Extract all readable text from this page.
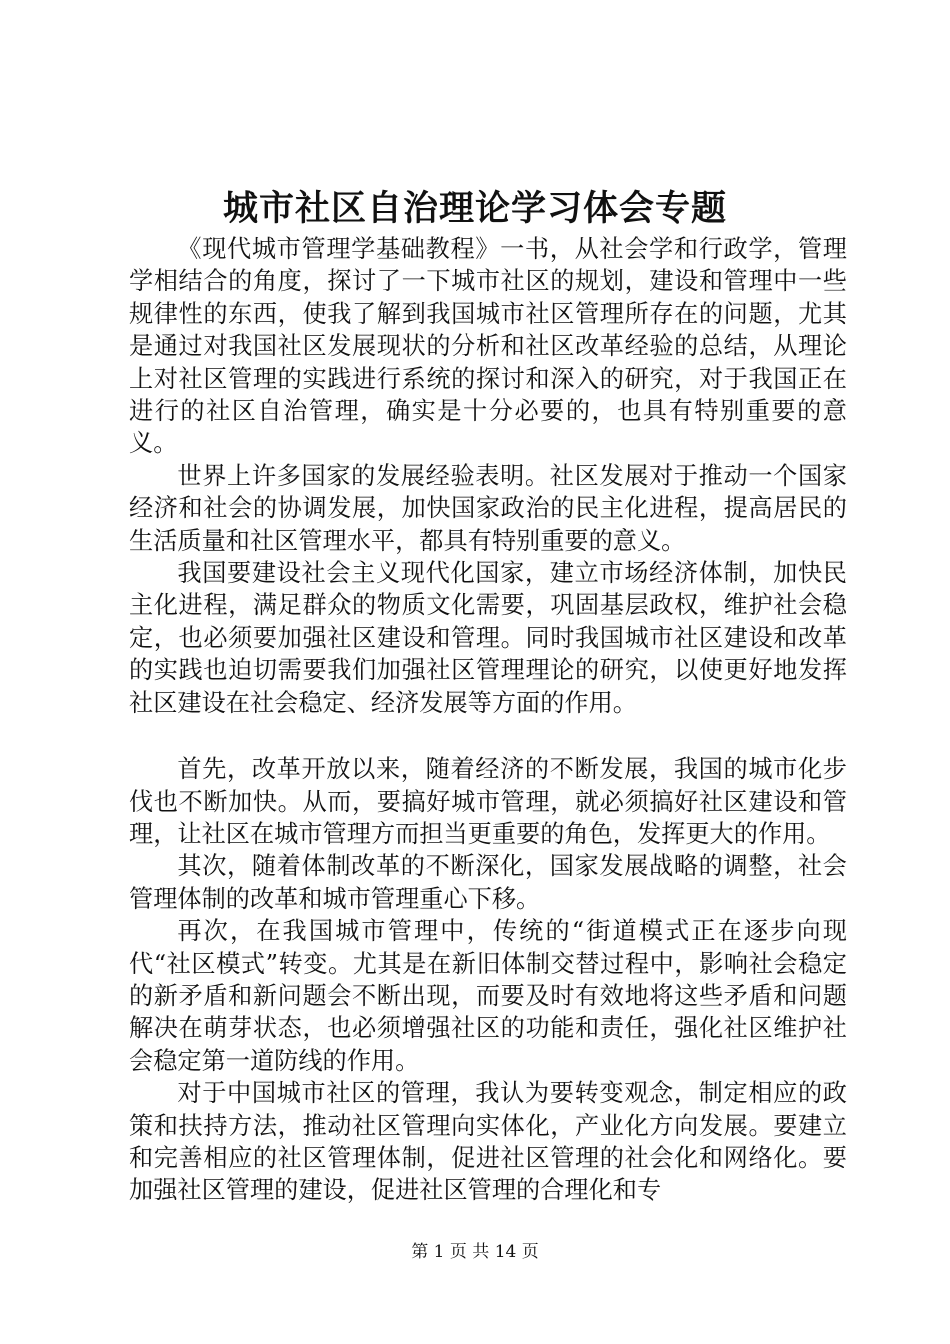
城市社区自治理论学习体会专题

《现代城市管理学基础教程》一书，从社会学和行政学，管理学相结合的角度，探讨了一下城市社区的规划，建设和管理中一些规律性的东西，使我了解到我国城市社区管理所存在的问题，尤其是通过对我国社区发展现状的分析和社区改革经验的总结，从理论上对社区管理的实践进行系统的探讨和深入的研究，对于我国正在进行的社区自治管理，确实是十分必要的，也具有特别重要的意义。

世界上许多国家的发展经验表明。社区发展对于推动一个国家经济和社会的协调发展，加快国家政治的民主化进程，提高居民的生活质量和社区管理水平，都具有特别重要的意义。

我国要建设社会主义现代化国家，建立市场经济体制，加快民主化进程，满足群众的物质文化需要，巩固基层政权，维护社会稳定，也必须要加强社区建设和管理。同时我国城市社区建设和改革的实践也迫切需要我们加强社区管理理论的研究，以使更好地发挥社区建设在社会稳定、经济发展等方面的作用。

首先，改革开放以来，随着经济的不断发展，我国的城市化步伐也不断加快。从而，要搞好城市管理，就必须搞好社区建设和管理，让社区在城市管理方而担当更重要的角色，发挥更大的作用。

其次，随着体制改革的不断深化，国家发展战略的调整，社会管理体制的改革和城市管理重心下移。

再次，在我国城市管理中，传统的“街道模式正在逐步向现代“社区模式”转变。尤其是在新旧体制交替过程中，影响社会稳定的新矛盾和新问题会不断出现，而要及时有效地将这些矛盾和问题解决在萌芽状态，也必须增强社区的功能和责任，强化社区维护社会稳定第一道防线的作用。

对于中国城市社区的管理，我认为要转变观念，制定相应的政策和扶持方法，推动社区管理向实体化，产业化方向发展。要建立和完善相应的社区管理体制，促进社区管理的社会化和网络化。要加强社区管理的建设，促进社区管理的合理化和专

第 1 页 共 14 页
